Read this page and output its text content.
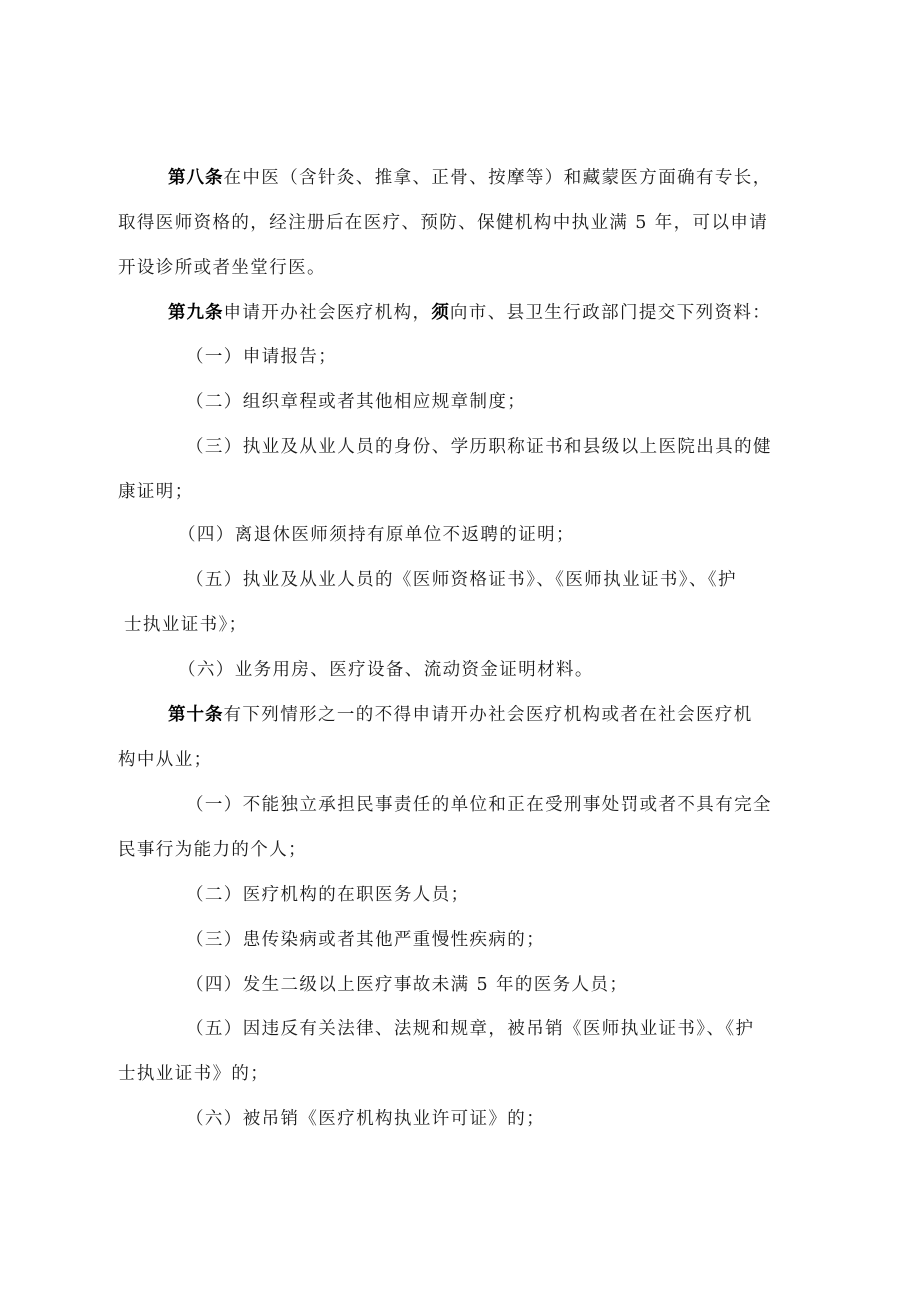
第八条在中医（含针灸、推拿、正骨、按摩等）和藏蒙医方面确有专长，
取得医师资格的，经注册后在医疗、预防、保健机构中执业满 5 年，可以申请
开设诊所或者坐堂行医。
第九条申请开办社会医疗机构，须向市、县卫生行政部门提交下列资料：
（一）申请报告；
（二）组织章程或者其他相应规章制度；
（三）执业及从业人员的身份、学历职称证书和县级以上医院出具的健
康证明；
（四）离退休医师须持有原单位不返聘的证明；
（五）执业及从业人员的《医师资格证书》、《医师执业证书》、《护
士执业证书》；
（六）业务用房、医疗设备、流动资金证明材料。
第十条有下列情形之一的不得申请开办社会医疗机构或者在社会医疗机
构中从业；
（一）不能独立承担民事责任的单位和正在受刑事处罚或者不具有完全
民事行为能力的个人；
（二）医疗机构的在职医务人员；
（三）患传染病或者其他严重慢性疾病的；
（四）发生二级以上医疗事故未满 5 年的医务人员；
（五）因违反有关法律、法规和规章，被吊销《医师执业证书》、《护
士执业证书》的；
（六）被吊销《医疗机构执业许可证》的；
